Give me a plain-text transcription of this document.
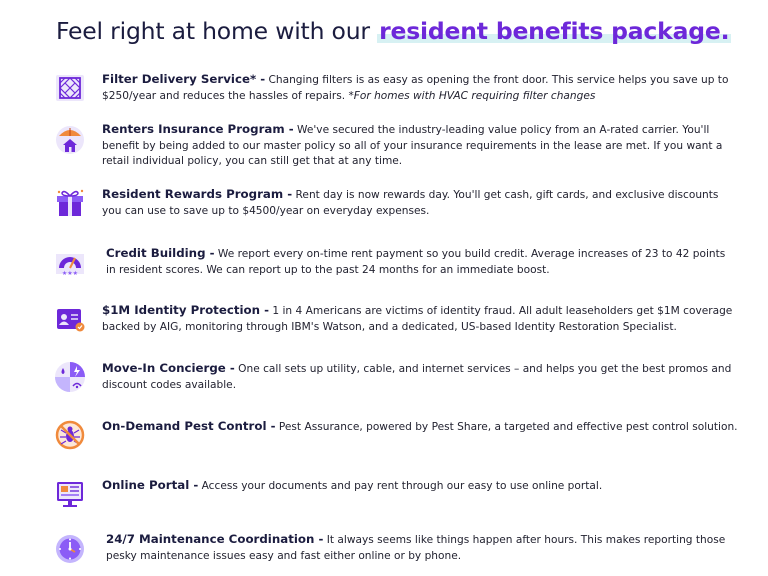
Feel right at home with our resident benefits package.
Filter Delivery Service* - Changing filters is as easy as opening the front door. This service helps you save up to $250/year and reduces the hassles of repairs. *For homes with HVAC requiring filter changes
Renters Insurance Program - We've secured the industry-leading value policy from an A-rated carrier. You'll benefit by being added to our master policy so all of your insurance requirements in the lease are met. If you want a retail individual policy, you can still get that at any time.
Resident Rewards Program - Rent day is now rewards day. You'll get cash, gift cards, and exclusive discounts you can use to save up to $4500/year on everyday expenses.
★★★
Credit Building - We report every on-time rent payment so you build credit. Average increases of 23 to 42 points in resident scores. We can report up to the past 24 months for an immediate boost.
$1M Identity Protection - 1 in 4 Americans are victims of identity fraud. All adult leaseholders get $1M coverage backed by AIG, monitoring through IBM's Watson, and a dedicated, US-based Identity Restoration Specialist.
Move-In Concierge - One call sets up utility, cable, and internet services – and helps you get the best promos and discount codes available.
On-Demand Pest Control - Pest Assurance, powered by Pest Share, a targeted and effective pest control solution.
Online Portal - Access your documents and pay rent through our easy to use online portal.
24/7 Maintenance Coordination - It always seems like things happen after hours. This makes reporting those pesky maintenance issues easy and fast either online or by phone.
